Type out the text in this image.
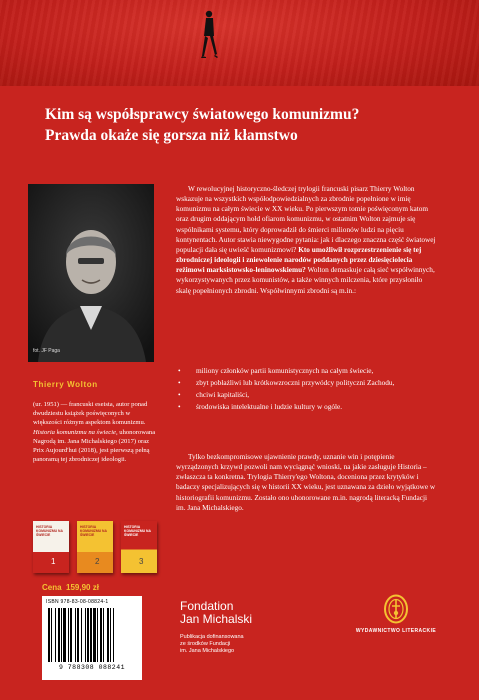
Kim są współsprawcy światowego komunizmu?
Prawda okaże się gorsza niż kłamstwo
fot. JF Paga
Thierry Wolton

(ur. 1951) — francuski eseista, autor ponad dwudziestu książek poświęconych w większości różnym aspektom komunizmu. Historia komunizmu na świecie, uhonorowana Nagrodą im. Jana Michalskiego (2017) oraz Prix Aujourd'hui (2018), jest pierwszą pełną panoramą tej zbrodniczej ideologii.

HISTORIA KOMUNIZMU NA ŚWIECIE
1
HISTORIA KOMUNIZMU NA ŚWIECIE
2
HISTORIA KOMUNIZMU NA ŚWIECIE
3

W rewolucyjnej historyczno-śledczej trylogii francuski pisarz Thierry Wolton wskazuje na wszystkich współodpowiedzialnych za zbrodnie popełnione w imię komunizmu na całym świecie w XX wieku. Po pierwszym tomie poświęconym katom oraz drugim oddającym hołd ofiarom komunizmu, w ostatnim Wolton zajmuje się wspólnikami systemu, który doprowadził do śmierci milionów ludzi na pięciu kontynentach. Autor stawia niewygodne pytania: jak i dlaczego znaczna część światowej populacji dała się uwieść komunizmowi? Kto umożliwił rozprzestrzenienie się tej zbrodniczej ideologii i zniewolenie narodów poddanych przez dziesięciolecia reżimowi marksistowsko-leninowskiemu? Wolton demaskuje całą sieć współwinnych, wykorzystywanych przez komunistów, a także winnych milczenia, które przysłoniło skalę popełnionych zbrodni. Współwinnymi zbrodni są m.in.:

• miliony członków partii komunistycznych na całym świecie,
• zbyt pobłażliwi lub krótkowzroczni przywódcy polityczni Zachodu,
• chciwi kapitaliści,
• środowiska intelektualne i ludzie kultury w ogóle.

Tylko bezkompromisowe ujawnienie prawdy, uznanie win i potępienie wyrządzonych krzywd pozwoli nam wyciągnąć wnioski, na jakie zasługuje Historia – zwłaszcza ta konkretna. Trylogia Thierry'ego Woltona, doceniona przez krytyków i badaczy specjalizujących się w historii XX wieku, jest uznawana za dzieło wyjątkowe w historiografii komunizmu. Zostało ono uhonorowane m.in. nagrodą literacką Fundacji im. Jana Michalskiego.

Cena 159,90 zł
ISBN 978-83-08-08824-1
9 788308 088241
Fondation
Jan Michalski
Publikacja dofinansowana
ze środków Fundacji
im. Jana Michalskiego
WYDAWNICTWO LITERACKIE
